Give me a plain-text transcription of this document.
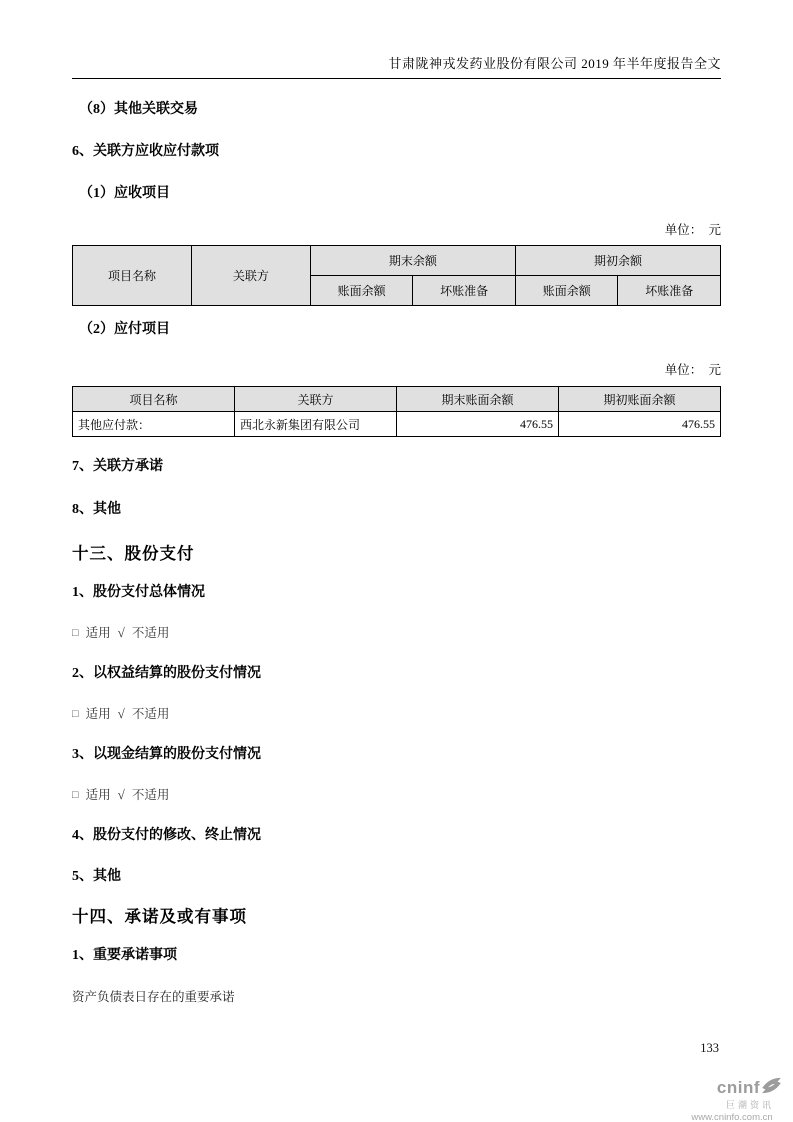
甘肃陇神戎发药业股份有限公司 2019 年半年度报告全文

（8）其他关联交易

6、关联方应收应付款项

（1）应收项目

单位：　元
项目名称	关联方	期末余额		期初余额	
		账面余额	坏账准备	账面余额	坏账准备

（2）应付项目

单位：　元
项目名称	关联方	期末账面余额	期初账面余额
其他应付款：	西北永新集团有限公司	476.55	476.55

7、关联方承诺

8、其他

十三、股份支付

1、股份支付总体情况

□ 适用 √ 不适用

2、以权益结算的股份支付情况

□ 适用 √ 不适用

3、以现金结算的股份支付情况

□ 适用 √ 不适用

4、股份支付的修改、终止情况

5、其他

十四、承诺及或有事项

1、重要承诺事项

资产负债表日存在的重要承诺

133
cninf
巨潮资讯
www.cninfo.com.cn
